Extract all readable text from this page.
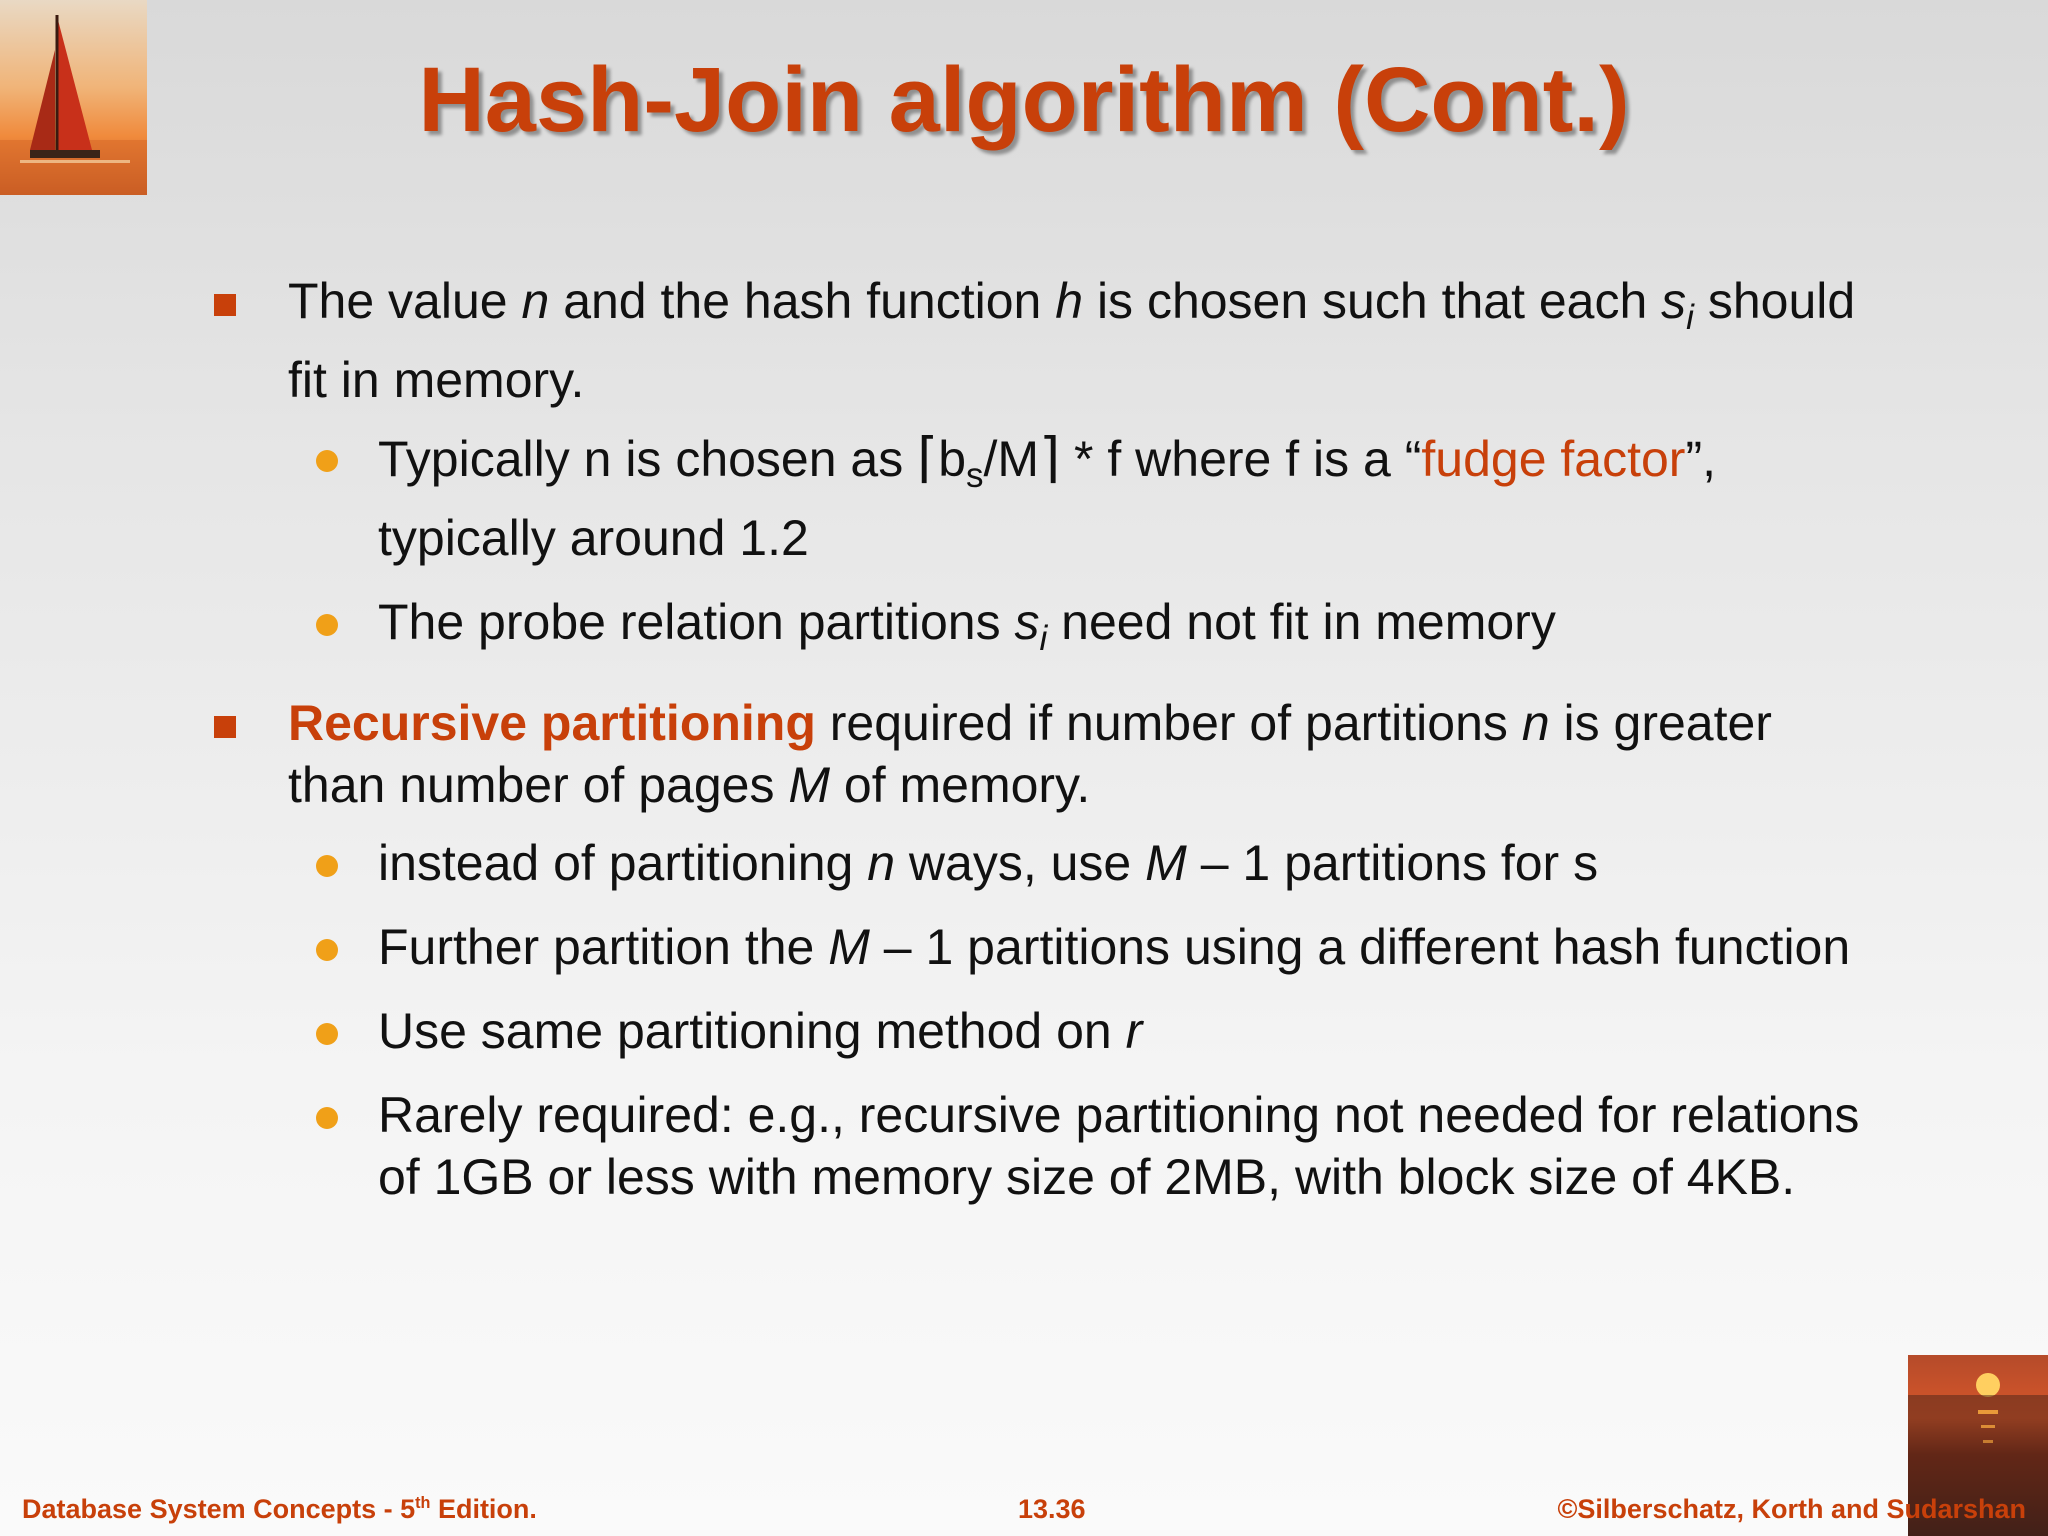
Hash-Join algorithm (Cont.)
The value n and the hash function h is chosen such that each $s_i$ should fit in memory.
Typically n is chosen as $⌈b_s/M⌉$ * f where f is a “fudge factor”, typically around 1.2
The probe relation partitions $s_i$ need not fit in memory
Recursive partitioning required if number of partitions n is greater than number of pages M of memory.
instead of partitioning n ways, use M – 1 partitions for s
Further partition the M – 1 partitions using a different hash function
Use same partitioning method on r
Rarely required: e.g., recursive partitioning not needed for relations of 1GB or less with memory size of 2MB, with block size of 4KB.
Database System Concepts - 5th Edition.	13.36	©Silberschatz, Korth and Sudarshan
